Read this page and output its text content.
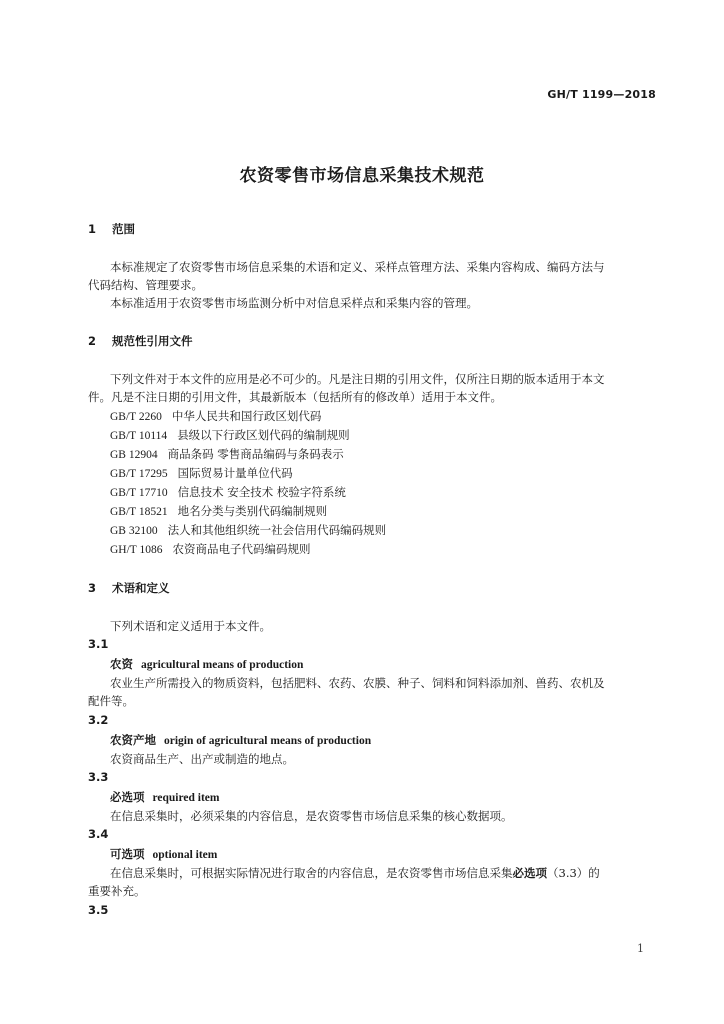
GH/T 1199—2018
农资零售市场信息采集技术规范
1 范围
本标准规定了农资零售市场信息采集的术语和定义、采样点管理方法、采集内容构成、编码方法与
代码结构、管理要求。
本标准适用于农资零售市场监测分析中对信息采样点和采集内容的管理。
2 规范性引用文件
下列文件对于本文件的应用是必不可少的。凡是注日期的引用文件，仅所注日期的版本适用于本文
件。凡是不注日期的引用文件，其最新版本（包括所有的修改单）适用于本文件。
GB/T 2260 中华人民共和国行政区划代码
GB/T 10114 县级以下行政区划代码的编制规则
GB 12904 商品条码 零售商品编码与条码表示
GB/T 17295 国际贸易计量单位代码
GB/T 17710 信息技术 安全技术 校验字符系统
GB/T 18521 地名分类与类别代码编制规则
GB 32100 法人和其他组织统一社会信用代码编码规则
GH/T 1086 农资商品电子代码编码规则
3 术语和定义
下列术语和定义适用于本文件。
3.1
农资 agricultural means of production
农业生产所需投入的物质资料，包括肥料、农药、农膜、种子、饲料和饲料添加剂、兽药、农机及
配件等。
3.2
农资产地 origin of agricultural means of production
农资商品生产、出产或制造的地点。
3.3
必选项 required item
在信息采集时，必须采集的内容信息，是农资零售市场信息采集的核心数据项。
3.4
可选项 optional item
在信息采集时，可根据实际情况进行取舍的内容信息，是农资零售市场信息采集必选项（3.3）的
重要补充。
3.5
1
